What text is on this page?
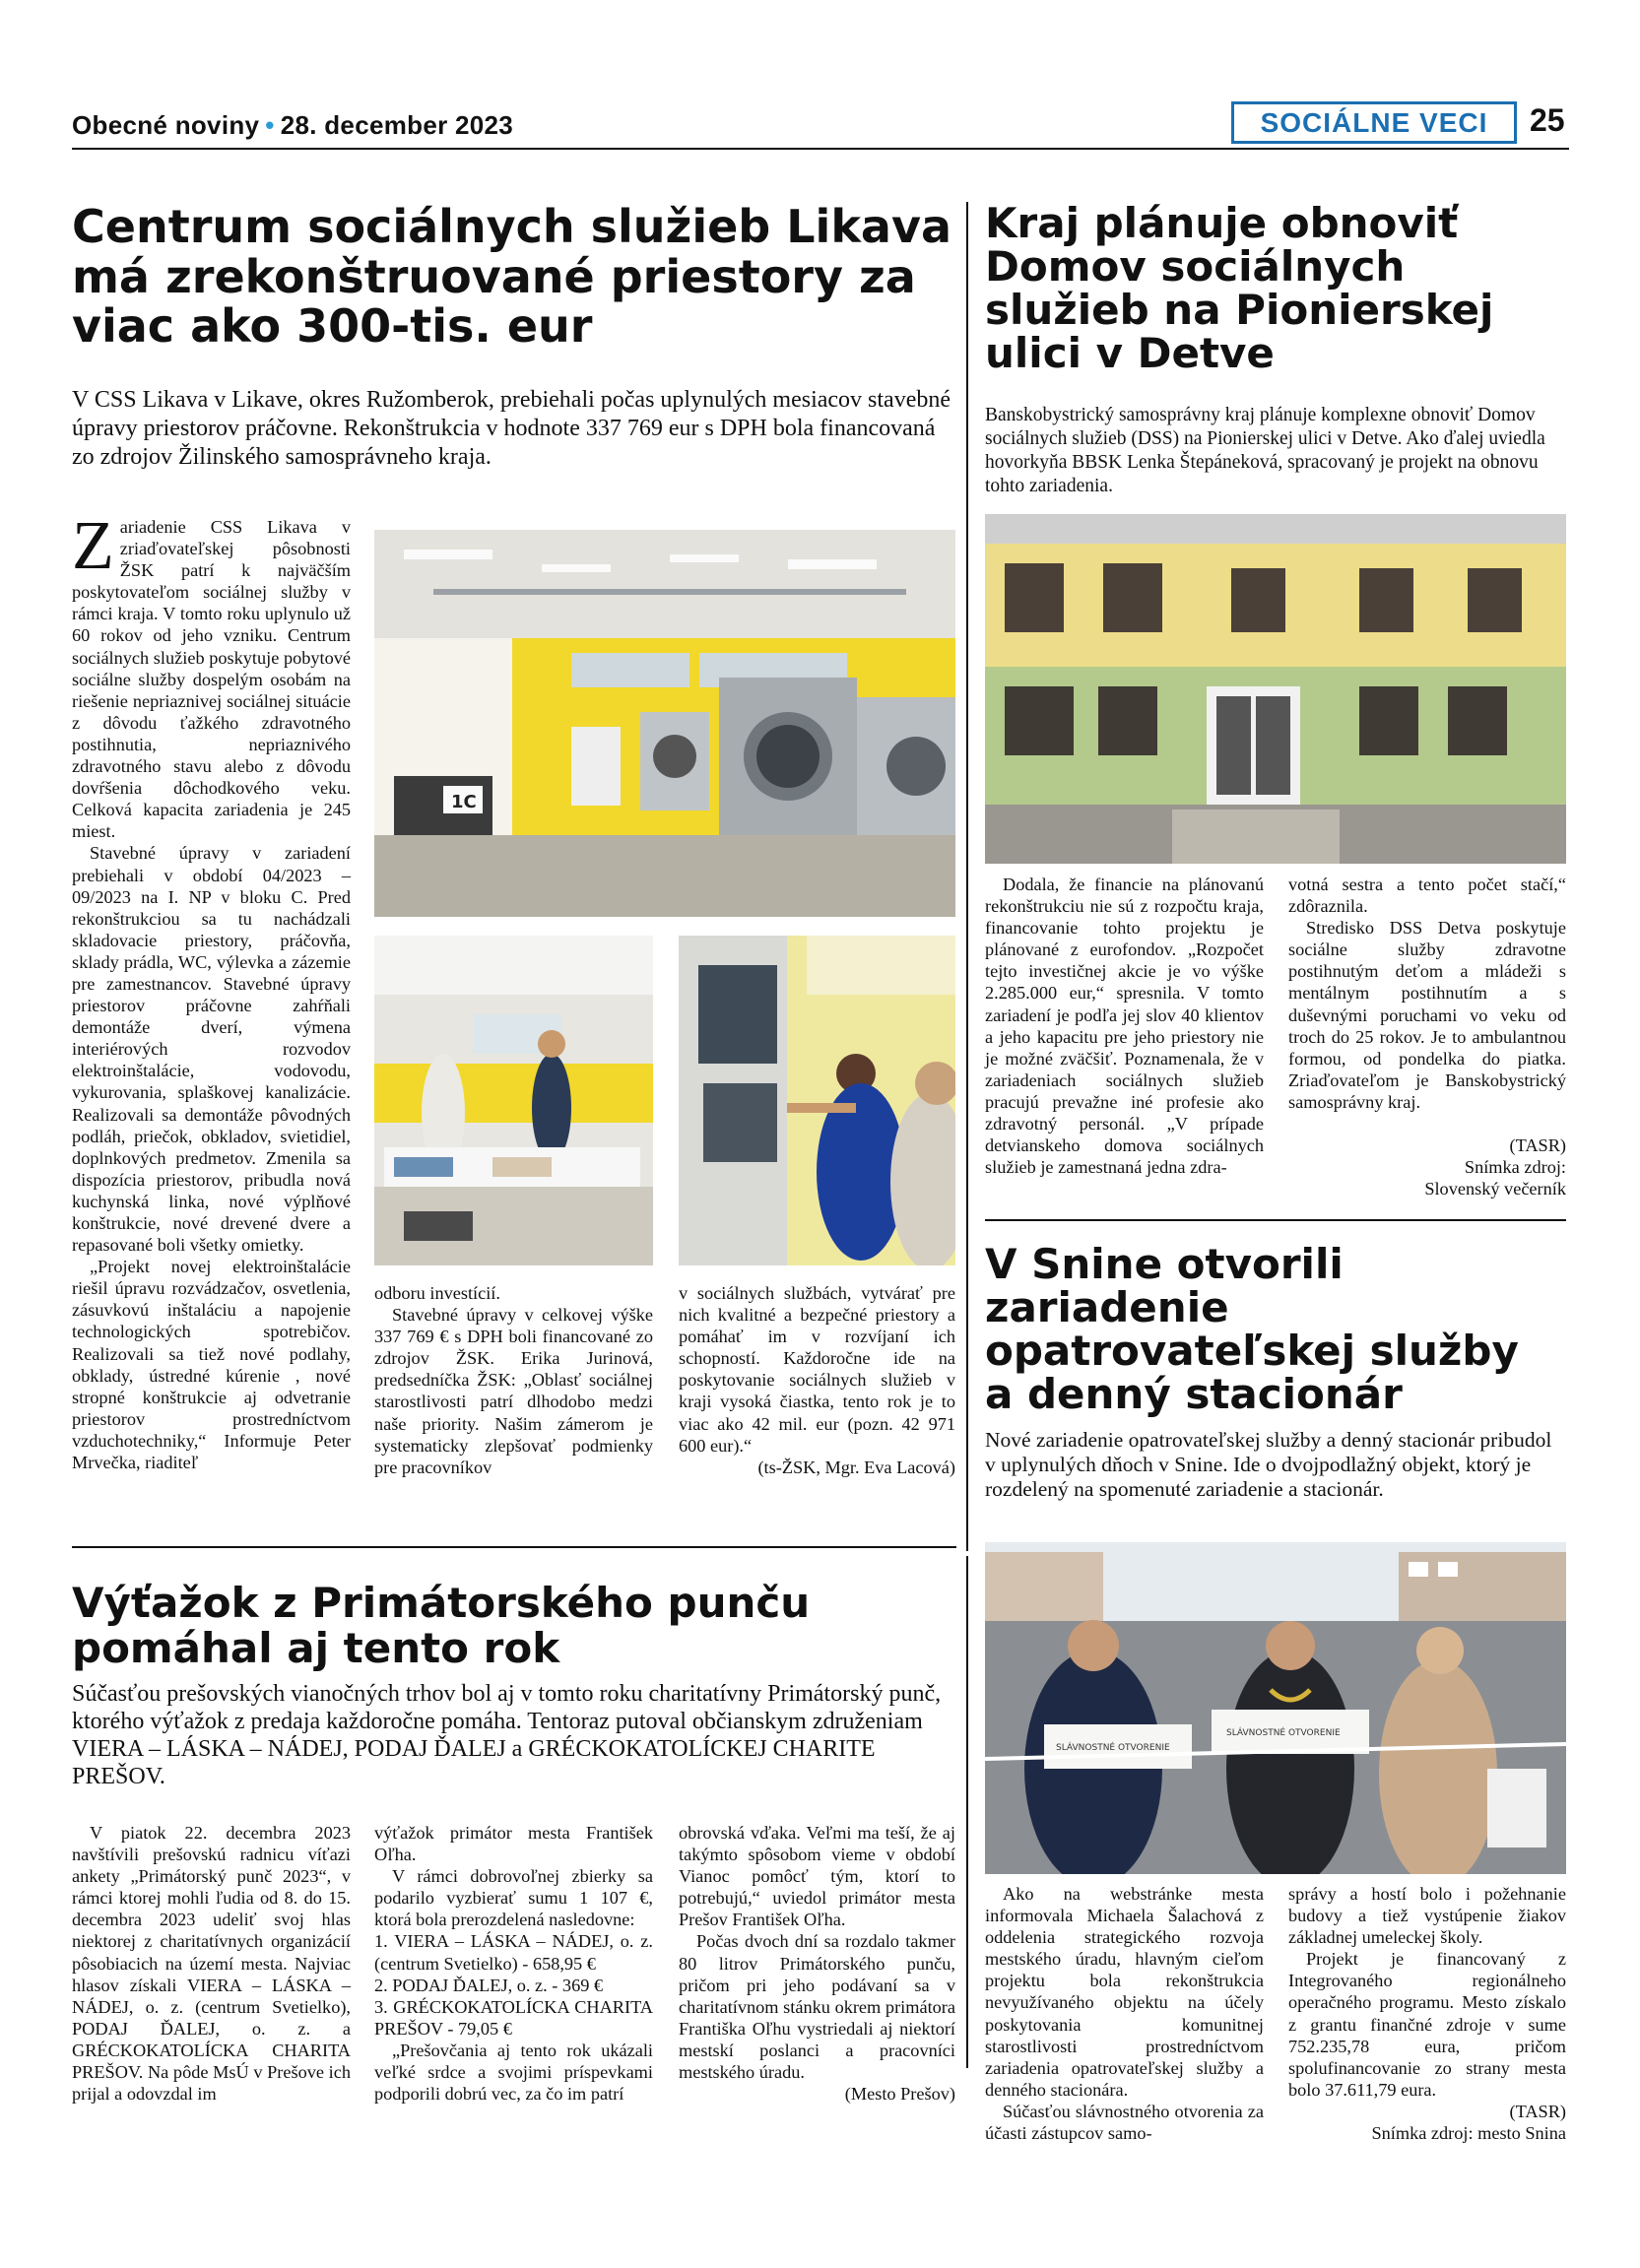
Obecné noviny • 28. december 2023	SOCIÁLNE VECI	25
Centrum sociálnych služieb Likava má zrekonštruované priestory za viac ako 300-tis. eur
V CSS Likava v Likave, okres Ružomberok, prebiehali počas uplynulých mesiacov stavebné úpravy priestorov práčovne. Rekonštrukcia v hodnote 337 769 eur s DPH bola financovaná zo zdrojov Žilinského samosprávneho kraja.

Zariadenie CSS Likava v zriaďovateľskej pôsobnosti ŽSK patrí k najväčším poskytovateľom sociálnej služby v rámci kraja. V tomto roku uplynulo už 60 rokov od jeho vzniku. Centrum sociálnych služieb poskytuje pobytové sociálne služby dospelým osobám na riešenie nepriaznivej sociálnej situácie z dôvodu ťažkého zdravotného postihnutia, nepriaznivého zdravotného stavu alebo z dôvodu dovŕšenia dôchodkového veku. Celková kapacita zariadenia je 245 miest.

Stavebné úpravy v zariadení prebiehali v období 04/2023 – 09/2023 na I. NP v bloku C. Pred rekonštrukciou sa tu nachádzali skladovacie priestory, práčovňa, sklady prádla, WC, výlevka a zázemie pre zamestnancov. Stavebné úpravy priestorov práčovne zahŕňali demontáže dverí, výmena interiérových rozvodov elektroinštalácie, vodovodu, vykurovania, splaškovej kanalizácie. Realizovali sa demontáže pôvodných podláh, priečok, obkladov, svietidiel, doplnkových predmetov. Zmenila sa dispozícia priestorov, pribudla nová kuchynská linka, nové výplňové konštrukcie, nové drevené dvere a repasované boli všetky omietky.

„Projekt novej elektroinštalácie riešil úpravu rozvádzačov, osvetlenia, zásuvkovú inštaláciu a napojenie technologických spotrebičov. Realizovali sa tiež nové podlahy, obklady, ústredné kúrenie , nové stropné konštrukcie aj odvetranie priestorov prostredníctvom vzduchotechniky,“ Informuje Peter Mrvečka, riaditeľ

1C

odboru investícií.

Stavebné úpravy v celkovej výške 337 769 € s DPH boli financované zo zdrojov ŽSK. Erika Jurinová, predsedníčka ŽSK: „Oblasť sociálnej starostlivosti patrí dlhodobo medzi naše priority. Našim zámerom je systematicky zlepšovať podmienky pre pracovníkov

v sociálnych službách, vytvárať pre nich kvalitné a bezpečné priestory a pomáhať im v rozvíjaní ich schopností. Každoročne ide na poskytovanie sociálnych služieb v kraji vysoká čiastka, tento rok je to viac ako 42 mil. eur (pozn. 42 971 600 eur).“

(ts-ŽSK, Mgr. Eva Lacová)
Výťažok z Primátorského punču pomáhal aj tento rok
Súčasťou prešovských vianočných trhov bol aj v tomto roku charitatívny Primátorský punč, ktorého výťažok z predaja každoročne pomáha. Tentoraz putoval občianskym združeniam VIERA – LÁSKA – NÁDEJ, PODAJ ĎALEJ a GRÉCKOKATOLÍCKEJ CHARITE PREŠOV.

V piatok 22. decembra 2023 navštívili prešovskú radnicu víťazi ankety „Primátorský punč 2023“, v rámci ktorej mohli ľudia od 8. do 15. decembra 2023 udeliť svoj hlas niektorej z charitatívnych organizácií pôsobiacich na území mesta. Najviac hlasov získali VIERA – LÁSKA – NÁDEJ, o. z. (centrum Svetielko), PODAJ ĎALEJ, o. z. a GRÉCKOKATOLÍCKA CHARITA PREŠOV. Na pôde MsÚ v Prešove ich prijal a odovzdal im

výťažok primátor mesta František Oľha.

V rámci dobrovoľnej zbierky sa podarilo vyzbierať sumu 1 107 €, ktorá bola prerozdelená nasledovne:

1. VIERA – LÁSKA – NÁDEJ, o. z. (centrum Svetielko) - 658,95 €

2. PODAJ ĎALEJ, o. z. - 369 €

3. GRÉCKOKATOLÍCKA CHARITA PREŠOV - 79,05 €

„Prešovčania aj tento rok ukázali veľké srdce a svojimi príspevkami podporili dobrú vec, za čo im patrí

obrovská vďaka. Veľmi ma teší, že aj takýmto spôsobom vieme v období Vianoc pomôcť tým, ktorí to potrebujú,“ uviedol primátor mesta Prešov František Oľha.

Počas dvoch dní sa rozdalo takmer 80 litrov Primátorského punču, pričom pri jeho podávaní sa v charitatívnom stánku okrem primátora Františka Oľhu vystriedali aj niektorí mestskí poslanci a pracovníci mestského úradu.

(Mesto Prešov)
Kraj plánuje obnoviť Domov sociálnych služieb na Pionierskej ulici v Detve
Banskobystrický samosprávny kraj plánuje komplexne obnoviť Domov sociálnych služieb (DSS) na Pionierskej ulici v Detve. Ako ďalej uviedla hovorkyňa BBSK Lenka Štepáneková, spracovaný je projekt na obnovu tohto zariadenia.

Dodala, že financie na plánovanú rekonštrukciu nie sú z rozpočtu kraja, financovanie tohto projektu je plánované z eurofondov. „Rozpočet tejto investičnej akcie je vo výške 2.285.000 eur,“ spresnila. V tomto zariadení je podľa jej slov 40 klientov a jeho kapacitu pre jeho priestory nie je možné zväčšiť. Poznamenala, že v zariadeniach sociálnych služieb pracujú prevažne iné profesie ako zdravotný personál. „V prípade detvianskeho domova sociálnych služieb je zamestnaná jedna zdra-

votná sestra a tento počet stačí,“ zdôraznila.

Stredisko DSS Detva poskytuje sociálne služby zdravotne postihnutým deťom a mládeži s mentálnym postihnutím a s duševnými poruchami vo veku od troch do 25 rokov. Je to ambulantnou formou, od pondelka do piatka. Zriaďovateľom je Banskobystrický samosprávny kraj.

(TASR)
Snímka zdroj:
Slovenský večerník
V Snine otvorili zariadenie opatrovateľskej služby a denný stacionár
Nové zariadenie opatrovateľskej služby a denný stacionár pribudol v uplynulých dňoch v Snine. Ide o dvojpodlažný objekt, ktorý je rozdelený na spomenuté zariadenie a stacionár.
SLÁVNOSTNÉ OTVORENIE
SLÁVNOSTNÉ OTVORENIE

Ako na webstránke mesta informovala Michaela Šalachová z oddelenia strategického rozvoja mestského úradu, hlavným cieľom projektu bola rekonštrukcia nevyužívaného objektu na účely poskytovania komunitnej starostlivosti prostredníctvom zariadenia opatrovateľskej služby a denného stacionára.

Súčasťou slávnostného otvorenia za účasti zástupcov samo-

správy a hostí bolo i požehnanie budovy a tiež vystúpenie žiakov základnej umeleckej školy.

Projekt je financovaný z Integrovaného regionálneho operačného programu. Mesto získalo z grantu finančné zdroje v sume 752.235,78 eura, pričom spolufinancovanie zo strany mesta bolo 37.611,79 eura.

(TASR)
Snímka zdroj: mesto Snina
